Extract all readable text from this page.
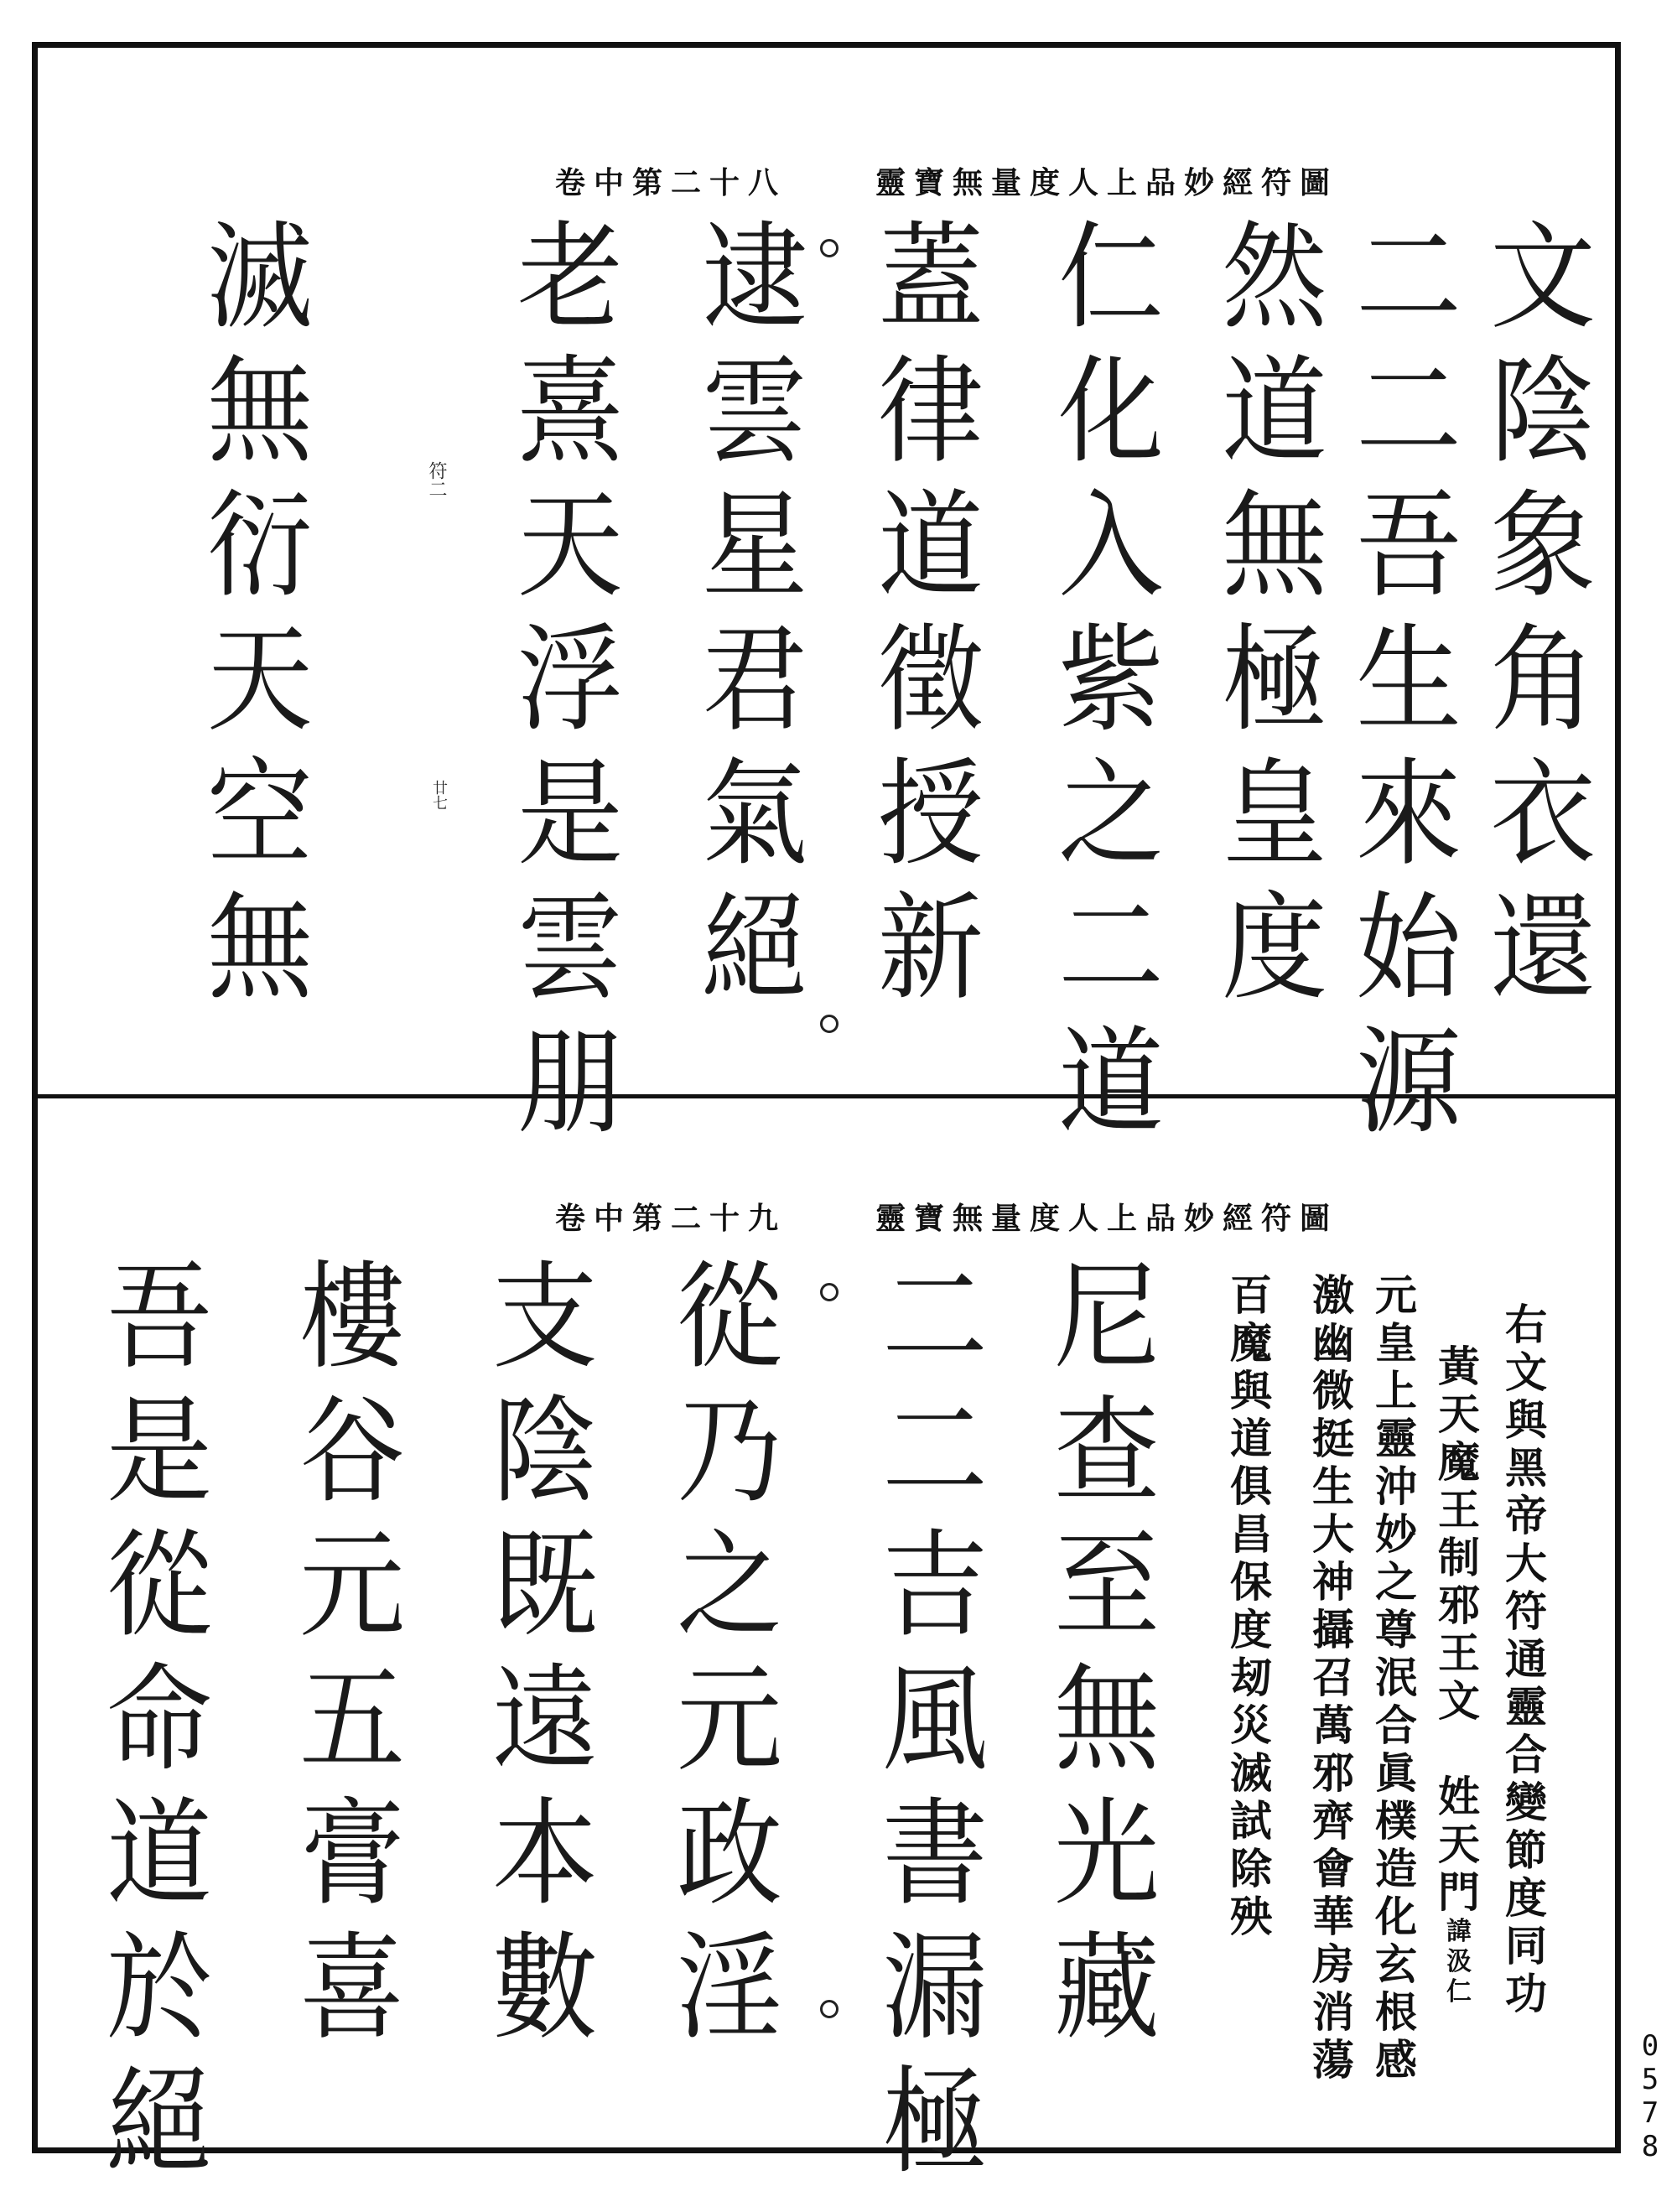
靈寶無量度人上品妙經符圖
卷中第二十八
文
陰
象
角
衣
還
二
二
吾
生
來
始
源
然
道
無
極
皇
度
仁
化
入
紫
之
二
道
蓋
律
道
徵
授
新
逮
雲
星
君
氣
絕
老
熹
天
浮
是
雲
朋
滅
無
衍
天
空
無
符二
廿七
靈寶無量度人上品妙經符圖
卷中第二十九
右
文
與
黑
帝
大
符
通
靈
合
變
節
度
同
功
黃
天
魔
王
制
邪
王
文
姓
天
門
諱
汲
仁
元
皇
上
靈
沖
妙
之
尊
泯
合
眞
樸
造
化
玄
根
感
激
幽
微
挺
生
大
神
攝
召
萬
邪
齊
會
華
房
消
蕩
百
魔
與
道
俱
昌
保
度
刼
災
滅
試
除
殃
尼
查
至
無
光
藏
二
二
吉
風
書
漏
極
從
乃
之
元
政
淫
支
陰
既
遠
本
數
樓
谷
元
五
膏
喜
吾
是
從
命
道
於
絕
0
5
7
8
